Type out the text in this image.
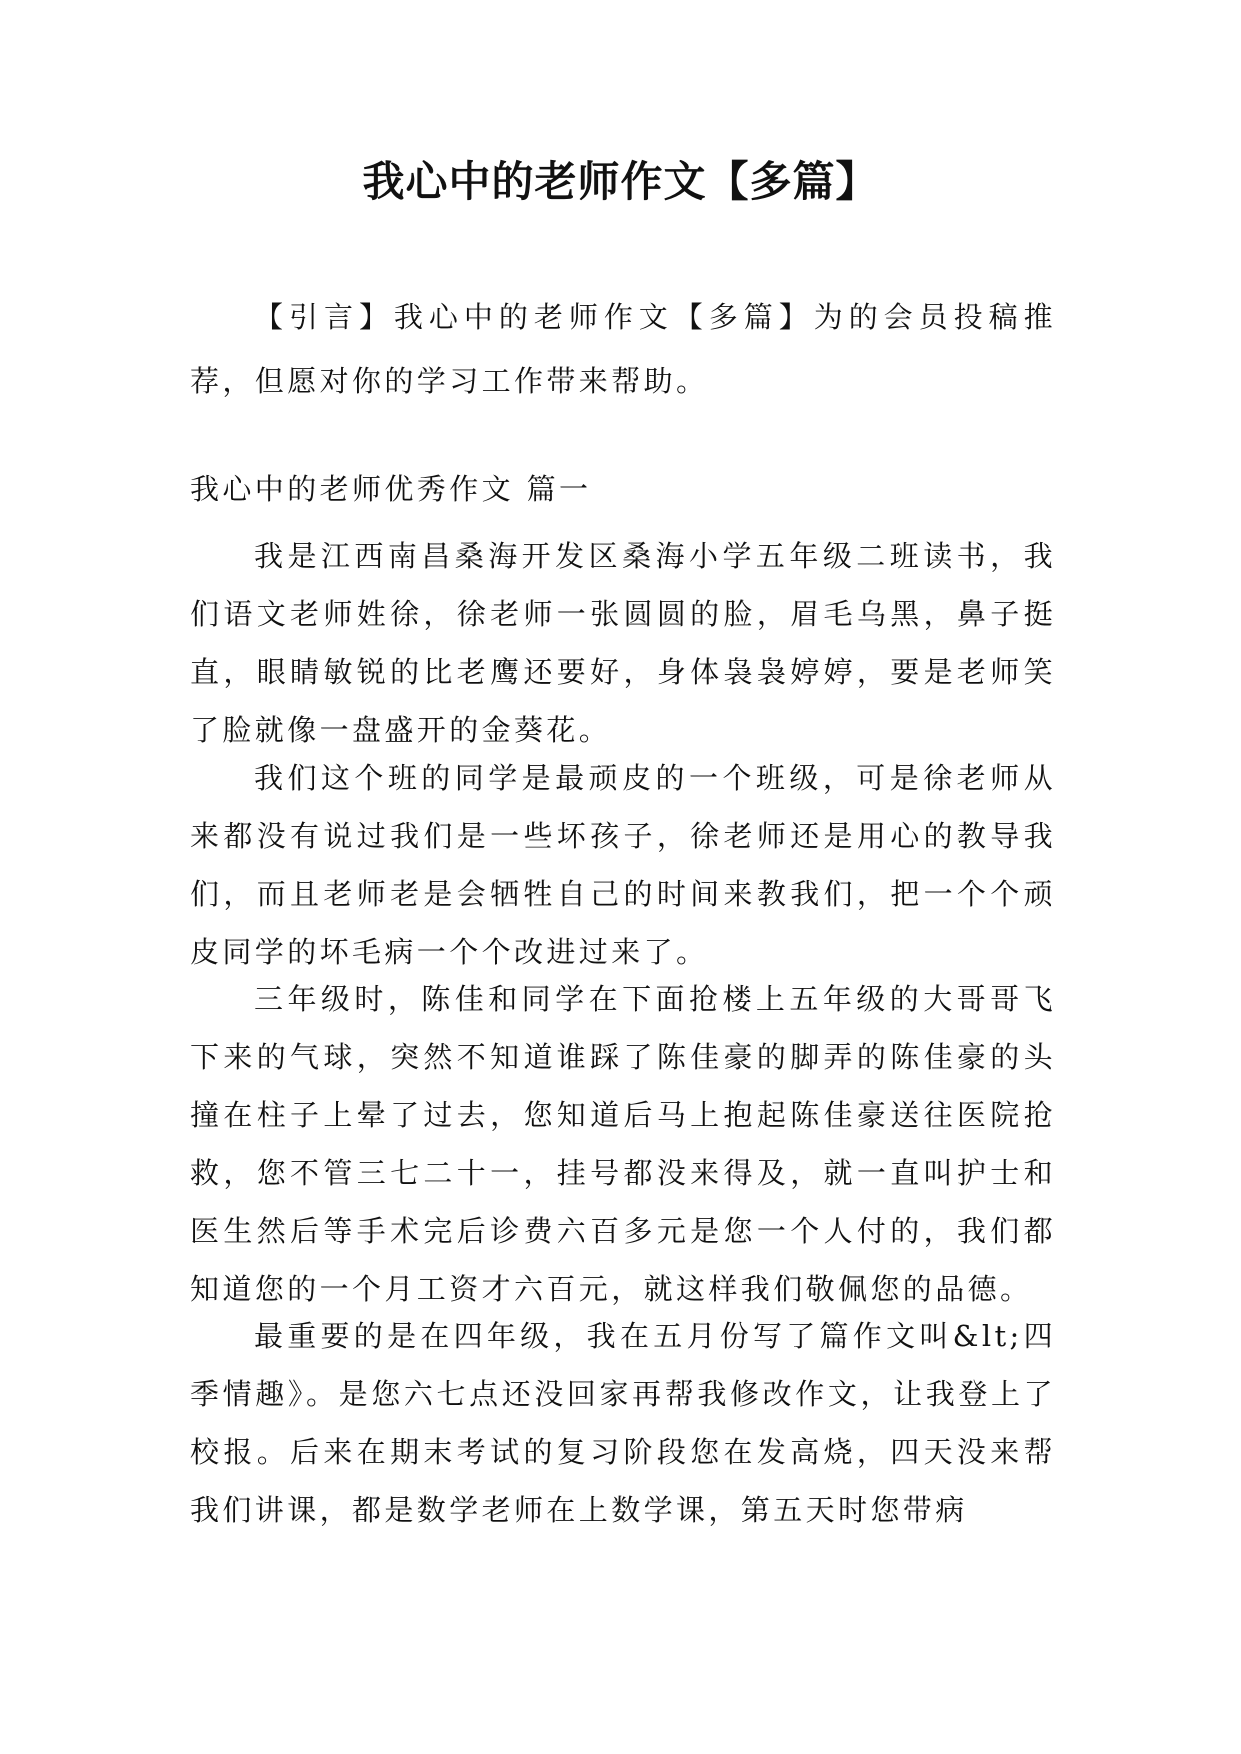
我心中的老师作文【多篇】
【引言】我心中的老师作文【多篇】为的会员投稿推荐，但愿对你的学习工作带来帮助。
我心中的老师优秀作文 篇一
我是江西南昌桑海开发区桑海小学五年级二班读书，我们语文老师姓徐，徐老师一张圆圆的脸，眉毛乌黑，鼻子挺直，眼睛敏锐的比老鹰还要好，身体袅袅婷婷，要是老师笑了脸就像一盘盛开的金葵花。
我们这个班的同学是最顽皮的一个班级，可是徐老师从来都没有说过我们是一些坏孩子，徐老师还是用心的教导我们，而且老师老是会牺牲自己的时间来教我们，把一个个顽皮同学的坏毛病一个个改进过来了。
三年级时，陈佳和同学在下面抢楼上五年级的大哥哥飞下来的气球，突然不知道谁踩了陈佳豪的脚弄的陈佳豪的头撞在柱子上晕了过去，您知道后马上抱起陈佳豪送往医院抢救，您不管三七二十一，挂号都没来得及，就一直叫护士和医生然后等手术完后诊费六百多元是您一个人付的，我们都知道您的一个月工资才六百元，就这样我们敬佩您的品德。
最重要的是在四年级，我在五月份写了篇作文叫&lt;四季情趣》。是您六七点还没回家再帮我修改作文，让我登上了校报。后来在期末考试的复习阶段您在发高烧，四天没来帮我们讲课，都是数学老师在上数学课，第五天时您带病
